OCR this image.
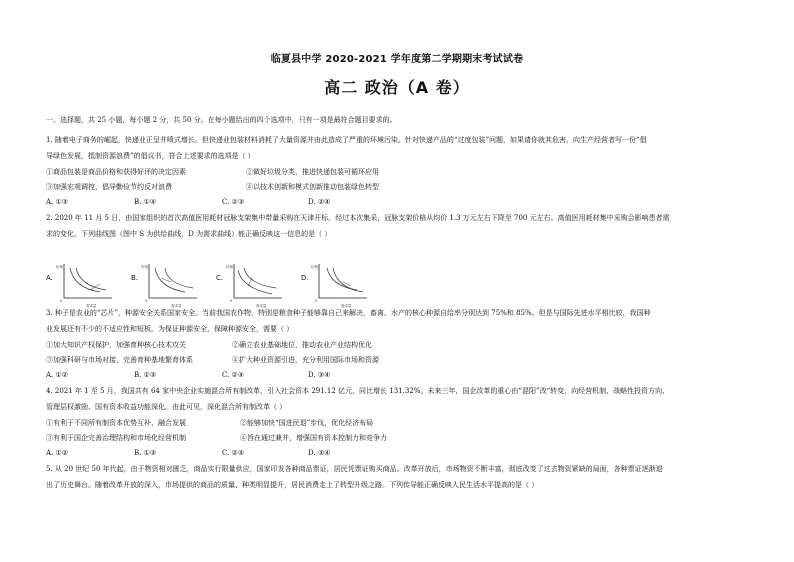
临夏县中学 2020-2021 学年度第二学期期末考试试卷
高二 政治（A 卷）
一、选择题，共 25 小题，每小题 2 分，共 50 分。在每小题给出的四个选项中，只有一项是最符合题目要求的。
1. 随着电子商务的崛起，快递业正呈井喷式增长。但快递业包装材料消耗了大量资源并由此造成了严重的环境污染。针对快递产品的“过度包装”问题，如果请你就其危害，向生产经营者写一份“倡
导绿色发展，抵制资源浪费”的倡议书，符合上述要求的选项是（ ）
①商品包装是商品价格和获得好评的决定因素	②做好垃圾分类，推进快递包装可循环应用
③加强宏观调控，倡导勤俭节约反对浪费	④以技术创新和模式创新推动包装绿色转型
A. ①③	B. ①④	C. ②③	D. ②④
2. 2020 年 11 月 5 日，由国家组织的首次高值医用耗材冠脉支架集中带量采购在天津开标。经过本次集采，冠脉支架价格从均价 1.3 万元左右下降至 700 元左右。高值医用耗材集中采购会影响患者需
求的变化。下列曲线图（图中 S 为供给曲线，D 为需求曲线）能正确反映这一信息的是（ ）
A.
价格
0
需求量
B.
价格
0
需求量
C.
价格
0
需求量
D.
价格
0
需求量
3. 种子是农业的“芯片”，种源安全关系国家安全。当前我国农作物，特别是粮食种子能够靠自己来解决，畜禽、水产的核心种源自给率分别达到 75%和 85%。但是与国际先进水平相比较，我国种
业发展还有不少的不适应性和短板。为保证种源安全，保障种源安全，需要（ ）
①加大知识产权保护，加强育种核心技术攻关	②确立农业基础地位，推动农业产业结构优化
③加强科研与市场对接，完善育种基地繁育体系	④扩大种业资源引进，充分利用国际市场和资源
A. ①②	B. ①③	C. ②④	D. ③④
4. 2021 年 1 至 5 月，我国共有 64 家中央企业实施混合所有制改革，引入社会资本 291.12 亿元，同比增长 131.32%。未来三年，国企改革的重心由“混阳”改“转变，向经营机制、战略性投资方向、
管理层权激励、国有资本收益功能深化。由此可见，深化混合所有制改革（ ）
①有利于不同所有制资本优势互补、融合发展	②能够加快“国进民退”步伐，优化经济布局
③有利于国企完善治理结构和市场化经营机制	④旨在通过兼并，增强国有资本控制力和竞争力
A. ①②	B. ①③	C. ②④	D. ③④
5. 从 20 世纪 50 年代起，由于物资相对匮乏，商品实行限量供应，国家印发各种商品票证，居民凭票证购买商品。改革开放后，市场物资不断丰富，彻底改变了过去物资紧缺的局面，各种票证逐渐退
出了历史舞台。随着改革开放的深入，市场提供的商品的质量、种类明显提升，居民消费走上了转型升级之路。下列传导能正确反映人民生活水平提高的是（ ）
